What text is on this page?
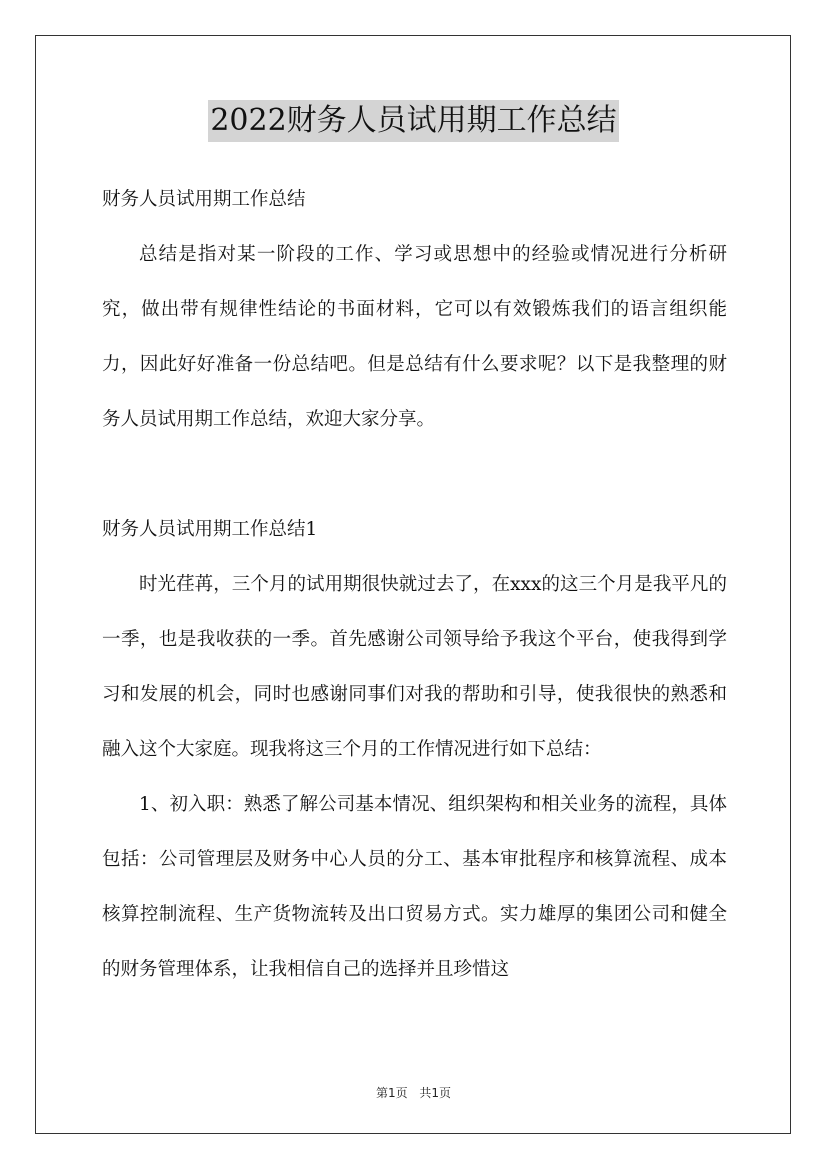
2022财务人员试用期工作总结

财务人员试用期工作总结

总结是指对某一阶段的工作、学习或思想中的经验或情况进行分析研究，做出带有规律性结论的书面材料，它可以有效锻炼我们的语言组织能力，因此好好准备一份总结吧。但是总结有什么要求呢？以下是我整理的财务人员试用期工作总结，欢迎大家分享。

财务人员试用期工作总结1

时光荏苒，三个月的试用期很快就过去了，在xxx的这三个月是我平凡的一季，也是我收获的一季。首先感谢公司领导给予我这个平台，使我得到学习和发展的机会，同时也感谢同事们对我的帮助和引导，使我很快的熟悉和融入这个大家庭。现我将这三个月的工作情况进行如下总结：

1、初入职：熟悉了解公司基本情况、组织架构和相关业务的流程，具体包括：公司管理层及财务中心人员的分工、基本审批程序和核算流程、成本核算控制流程、生产货物流转及出口贸易方式。实力雄厚的集团公司和健全的财务管理体系，让我相信自己的选择并且珍惜这

第1页 共1页
